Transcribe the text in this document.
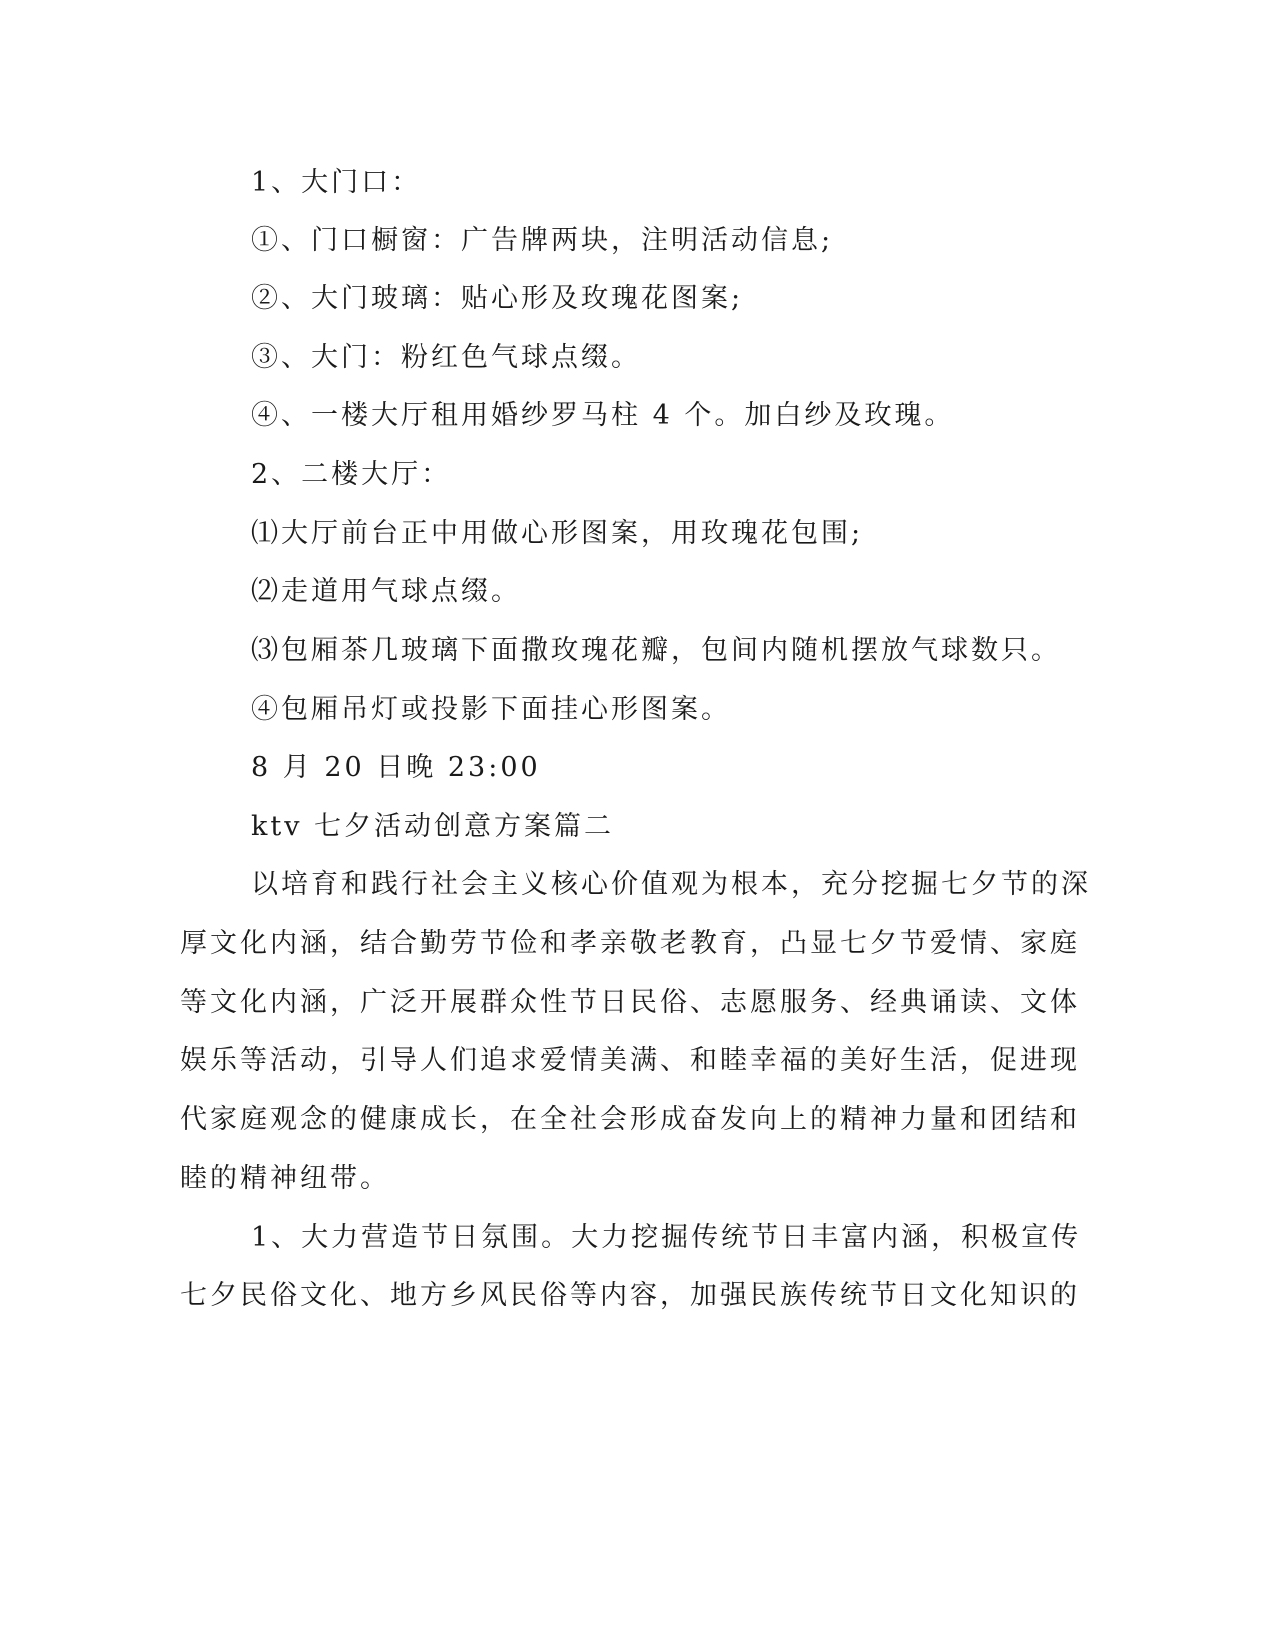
1、大门口：
①、门口橱窗：广告牌两块，注明活动信息;
②、大门玻璃：贴心形及玫瑰花图案;
③、大门：粉红色气球点缀。
④、一楼大厅租用婚纱罗马柱 4 个。加白纱及玫瑰。
2、二楼大厅：
⑴大厅前台正中用做心形图案，用玫瑰花包围;
⑵走道用气球点缀。
⑶包厢茶几玻璃下面撒玫瑰花瓣，包间内随机摆放气球数只。
④包厢吊灯或投影下面挂心形图案。
8 月 20 日晚 23:00
ktv 七夕活动创意方案篇二
以培育和践行社会主义核心价值观为根本，充分挖掘七夕节的深
厚文化内涵，结合勤劳节俭和孝亲敬老教育，凸显七夕节爱情、家庭
等文化内涵，广泛开展群众性节日民俗、志愿服务、经典诵读、文体
娱乐等活动，引导人们追求爱情美满、和睦幸福的美好生活，促进现
代家庭观念的健康成长，在全社会形成奋发向上的精神力量和团结和
睦的精神纽带。
1、大力营造节日氛围。大力挖掘传统节日丰富内涵，积极宣传
七夕民俗文化、地方乡风民俗等内容，加强民族传统节日文化知识的
